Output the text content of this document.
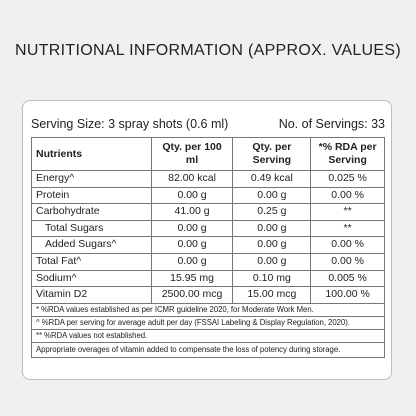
NUTRITIONAL INFORMATION (APPROX. VALUES)
Serving Size: 3 spray shots (0.6 ml)	No. of Servings: 33
Nutrients	Qty. per 100 ml	Qty. per Serving	*% RDA per Serving
Energy^	82.00 kcal	0.49 kcal	0.025 %
Protein	0.00 g	0.00 g	0.00 %
Carbohydrate	41.00 g	0.25 g	**
Total Sugars	0.00 g	0.00 g	**
Added Sugars^	0.00 g	0.00 g	0.00 %
Total Fat^	0.00 g	0.00 g	0.00 %
Sodium^	15.95 mg	0.10 mg	0.005 %
Vitamin D2	2500.00 mcg	15.00 mcg	100.00 %
* %RDA values established as per ICMR guideline 2020, for Moderate Work Men.			
^ %RDA per serving for average adult per day (FSSAI Labeling & Display Regulation, 2020).			
** %RDA values not established.			
Appropriate overages of vitamin added to compensate the loss of potency during storage.			
